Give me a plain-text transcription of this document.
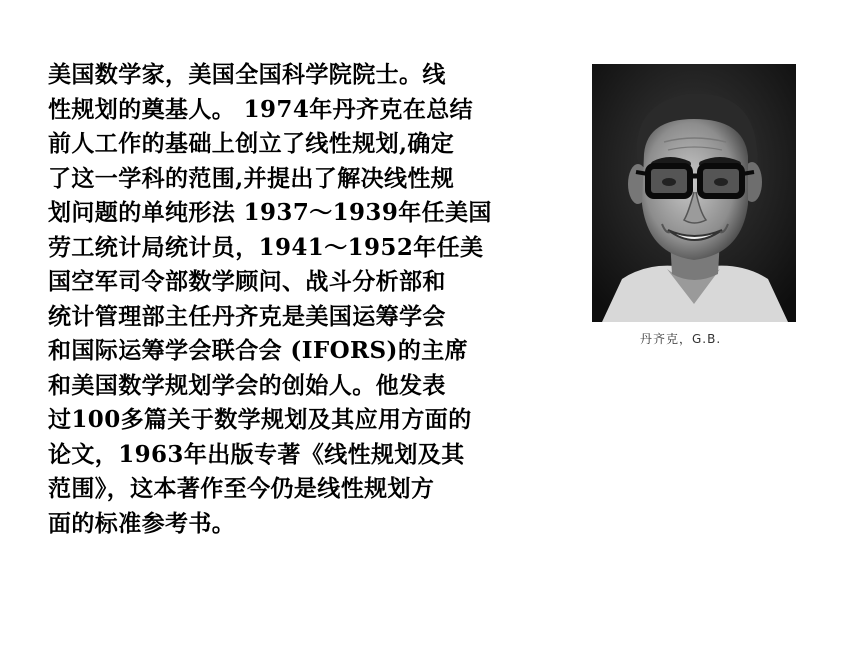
美国数学家，美国全国科学院院士。线
性规划的奠基人。 1974年丹齐克在总结
前人工作的基础上创立了线性规划,确定
了这一学科的范围,并提出了解决线性规
划问题的单纯形法 1937～1939年任美国
劳工统计局统计员，1941～1952年任美
国空军司令部数学顾问、战斗分析部和
统计管理部主任丹齐克是美国运筹学会
和国际运筹学会联合会 (IFORS)的主席
和美国数学规划学会的创始人。他发表
过100多篇关于数学规划及其应用方面的
论文，1963年出版专著《线性规划及其
范围》，这本著作至今仍是线性规划方
面的标准参考书。
丹齐克，G.B.
